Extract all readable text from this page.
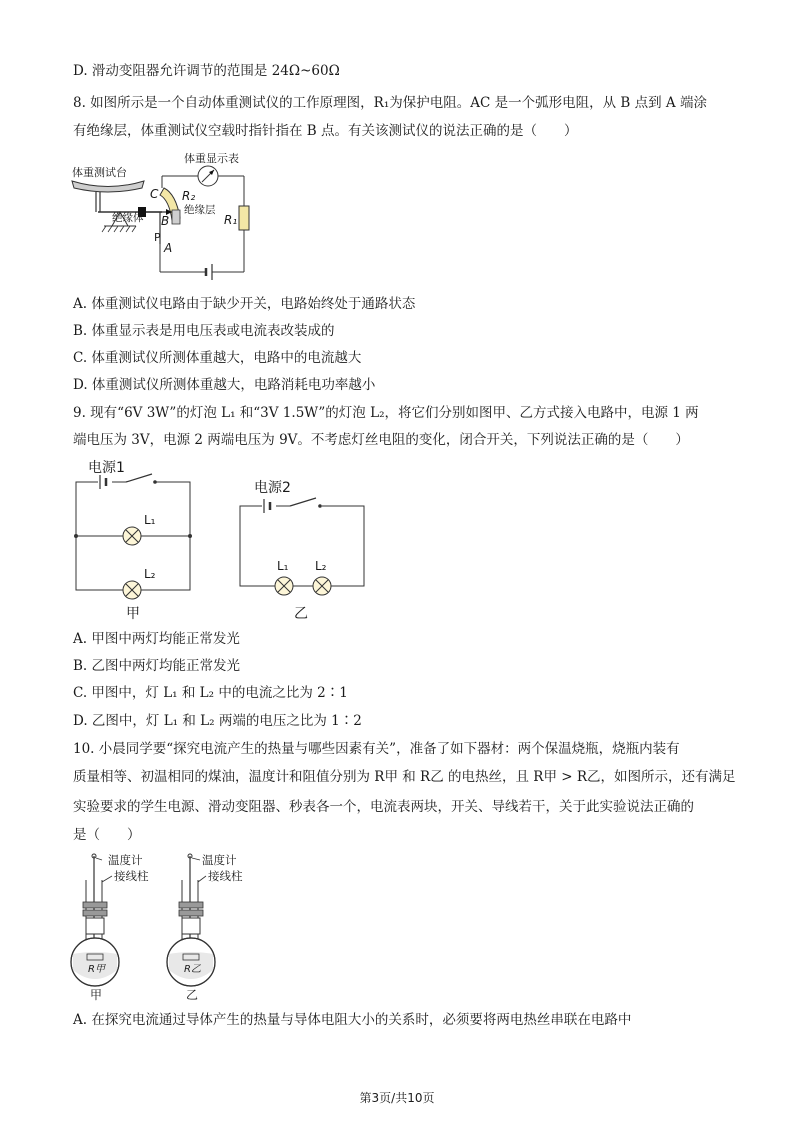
D. 滑动变阻器允许调节的范围是 24Ω~60Ω
8. 如图所示是一个自动体重测试仪的工作原理图，R₁为保护电阻。AC 是一个弧形电阻，从 B 点到 A 端涂
有绝缘层，体重测试仪空载时指针指在 B 点。有关该测试仪的说法正确的是（　　）
体重测试台
绝缘体
C
B
A
P
绝缘层
R₂
体重显示表
R₁
A. 体重测试仪电路由于缺少开关，电路始终处于通路状态
B. 体重显示表是用电压表或电流表改装成的
C. 体重测试仪所测体重越大，电路中的电流越大
D. 体重测试仪所测体重越大，电路消耗电功率越小
9. 现有“6V 3W”的灯泡 L₁ 和“3V 1.5W”的灯泡 L₂，将它们分别如图甲、乙方式接入电路中，电源 1 两
端电压为 3V，电源 2 两端电压为 9V。不考虑灯丝电阻的变化，闭合开关，下列说法正确的是（　　）
电源1
L₁
L₂
甲
电源2
L₁ L₂
乙
A. 甲图中两灯均能正常发光
B. 乙图中两灯均能正常发光
C. 甲图中，灯 L₁ 和 L₂ 中的电流之比为 2∶1
D. 乙图中，灯 L₁ 和 L₂ 两端的电压之比为 1∶2
10. 小晨同学要“探究电流产生的热量与哪些因素有关”，准备了如下器材：两个保温烧瓶，烧瓶内装有
质量相等、初温相同的煤油，温度计和阻值分别为 R甲 和 R乙 的电热丝，且 R甲 > R乙，如图所示，还有满足
实验要求的学生电源、滑动变阻器、秒表各一个，电流表两块，开关、导线若干，关于此实验说法正确的
是（　　）
R甲
甲
温度计
接线柱
R乙
乙
温度计
接线柱
A. 在探究电流通过导体产生的热量与导体电阻大小的关系时，必须要将两电热丝串联在电路中
第3页/共10页
